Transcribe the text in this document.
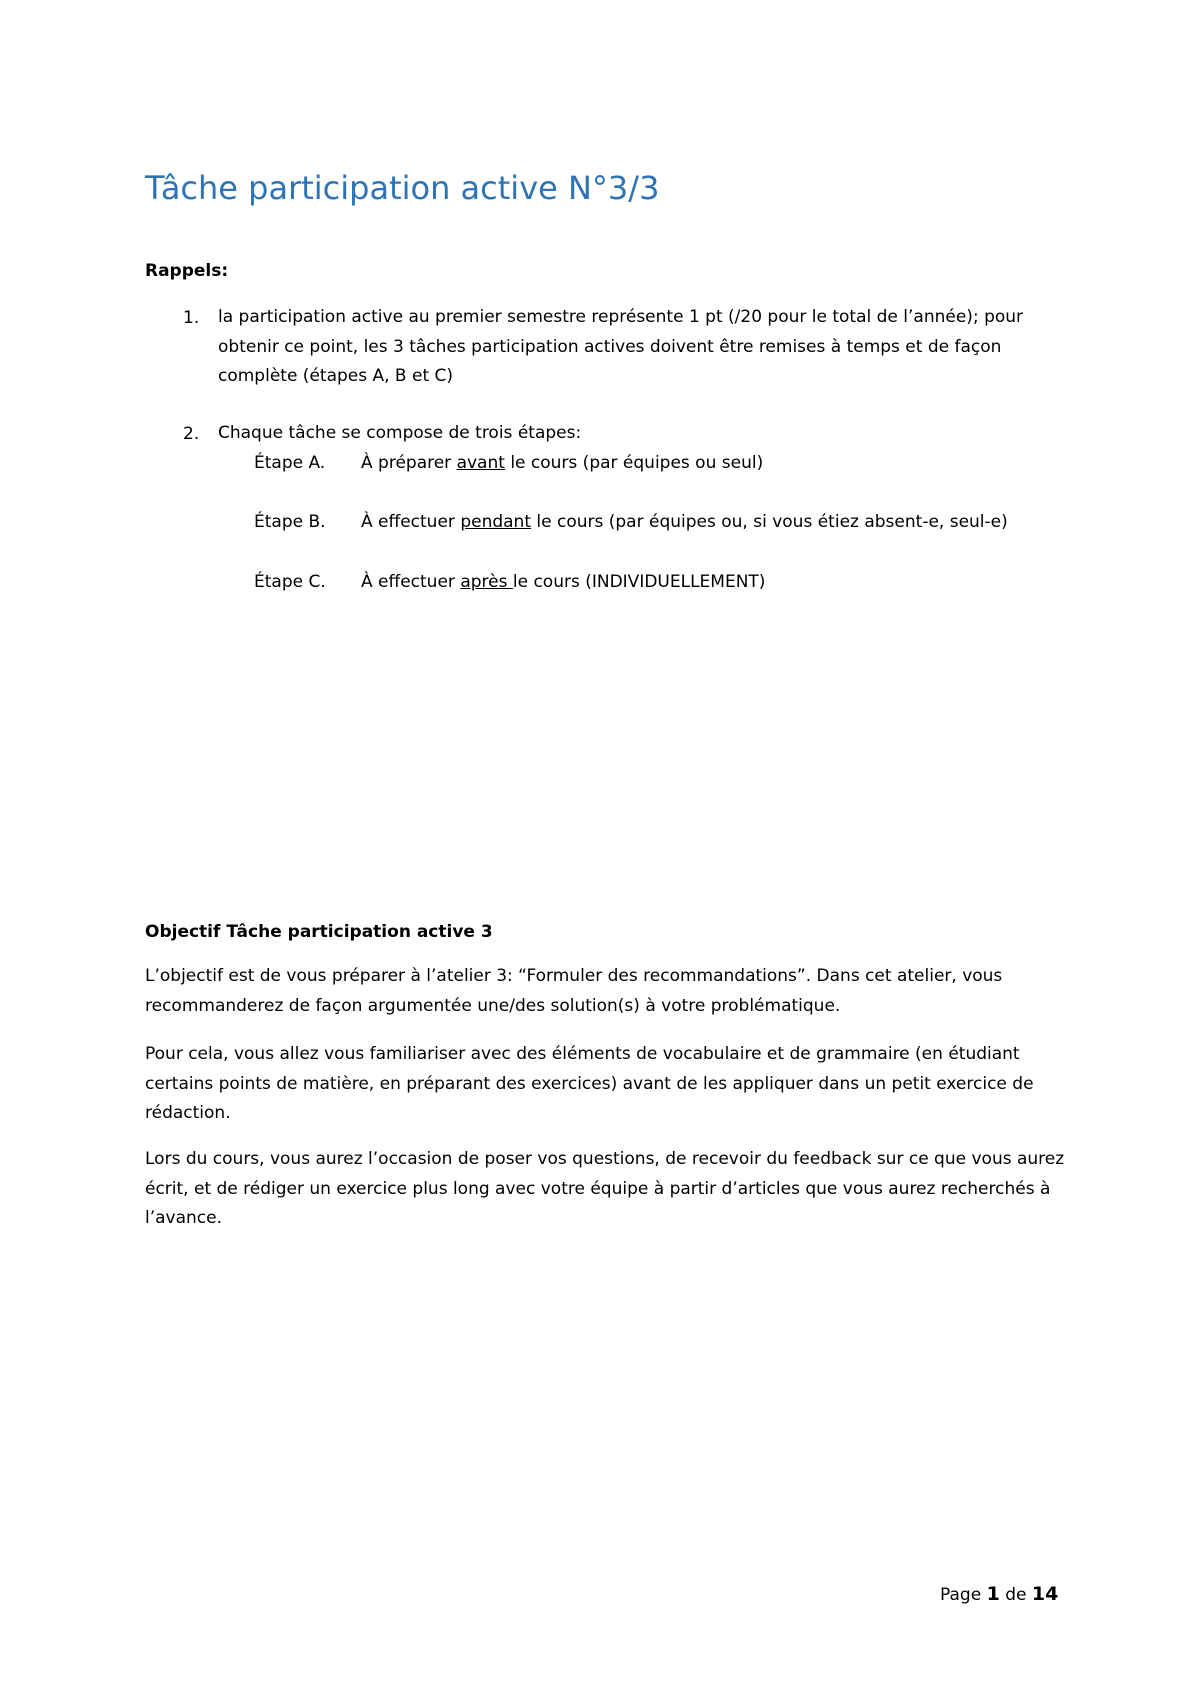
Tâche participation active N°3/3
Rappels:
1. la participation active au premier semestre représente 1 pt (/20 pour le total de l’année); pour obtenir ce point, les 3 tâches participation actives doivent être remises à temps et de façon complète (étapes A, B et C)
2. Chaque tâche se compose de trois étapes:
Étape A. À préparer avant le cours (par équipes ou seul)
Étape B. À effectuer pendant le cours (par équipes ou, si vous étiez absent-e, seul-e)
Étape C. À effectuer après le cours (INDIVIDUELLEMENT)
Objectif Tâche participation active 3

L’objectif est de vous préparer à l’atelier 3: “Formuler des recommandations”. Dans cet atelier, vous recommanderez de façon argumentée une/des solution(s) à votre problématique.

Pour cela, vous allez vous familiariser avec des éléments de vocabulaire et de grammaire (en étudiant certains points de matière, en préparant des exercices) avant de les appliquer dans un petit exercice de rédaction.

Lors du cours, vous aurez l’occasion de poser vos questions, de recevoir du feedback sur ce que vous aurez écrit, et de rédiger un exercice plus long avec votre équipe à partir d’articles que vous aurez recherchés à l’avance.

Page 1 de 14
